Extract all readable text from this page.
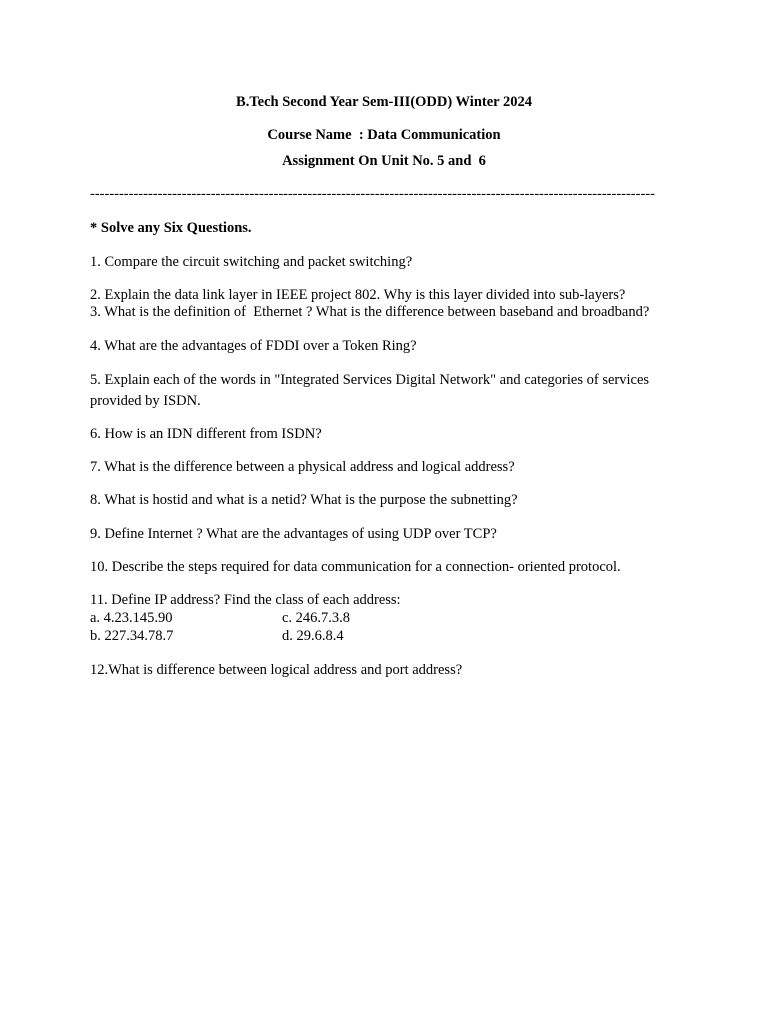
B.Tech Second Year Sem-III(ODD) Winter 2024
Course Name  : Data Communication
Assignment On Unit No. 5 and  6
---------------------------------------------------------------------------------------------------------------------
* Solve any Six Questions.
1. Compare the circuit switching and packet switching?
2. Explain the data link layer in IEEE project 802. Why is this layer divided into sub-layers?
3. What is the definition of  Ethernet ? What is the difference between baseband and broadband?
4. What are the advantages of FDDI over a Token Ring?
5. Explain each of the words in "Integrated Services Digital Network" and categories of services
provided by ISDN.
6. How is an IDN different from ISDN?
7. What is the difference between a physical address and logical address?
8. What is hostid and what is a netid? What is the purpose the subnetting?
9. Define Internet ? What are the advantages of using UDP over TCP?
10. Describe the steps required for data communication for a connection- oriented protocol.
11. Define IP address? Find the class of each address:
a. 4.23.145.90	c. 246.7.3.8
b. 227.34.78.7	d. 29.6.8.4
12.What is difference between logical address and port address?
